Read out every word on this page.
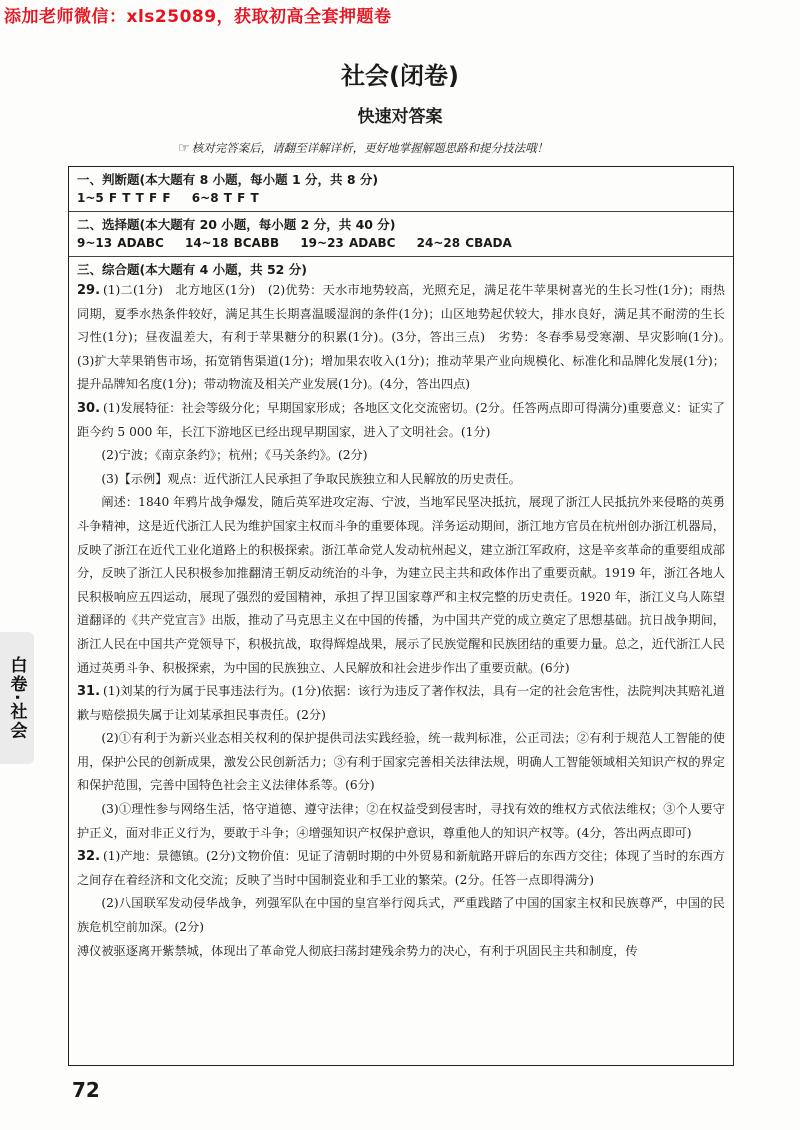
添加老师微信：xls25089，获取初高全套押题卷
社会(闭卷)
快速对答案
☞ 核对完答案后，请翻至详解详析，更好地掌握解题思路和提分技法哦！
一、判断题(本大题有 8 小题，每小题 1 分，共 8 分)
1~5 F T T F F 6~8 T F T
二、选择题(本大题有 20 小题，每小题 2 分，共 40 分)
9~13 ADABC 14~18 BCABB 19~23 ADABC 24~28 CBADA
三、综合题(本大题有 4 小题，共 52 分)

29. (1)二(1分)　北方地区(1分)　(2)优势：天水市地势较高，光照充足，满足花牛苹果树喜光的生长习性(1分)；雨热同期，夏季水热条件较好，满足其生长期喜温暖湿润的条件(1分)；山区地势起伏较大，排水良好，满足其不耐涝的生长习性(1分)；昼夜温差大，有利于苹果糖分的积累(1分)。(3分，答出三点)　劣势：冬春季易受寒潮、旱灾影响(1分)。　(3)扩大苹果销售市场，拓宽销售渠道(1分)；增加果农收入(1分)；推动苹果产业向规模化、标准化和品牌化发展(1分)；提升品牌知名度(1分)；带动物流及相关产业发展(1分)。(4分，答出四点)

30. (1)发展特征：社会等级分化；早期国家形成；各地区文化交流密切。(2分。任答两点即可得满分)重要意义：证实了距今约 5 000 年，长江下游地区已经出现早期国家，进入了文明社会。(1分)

(2)宁波；《南京条约》；杭州；《马关条约》。(2分)

(3)【示例】观点：近代浙江人民承担了争取民族独立和人民解放的历史责任。

阐述：1840 年鸦片战争爆发，随后英军进攻定海、宁波，当地军民坚决抵抗，展现了浙江人民抵抗外来侵略的英勇斗争精神，这是近代浙江人民为维护国家主权而斗争的重要体现。洋务运动期间，浙江地方官员在杭州创办浙江机器局，反映了浙江在近代工业化道路上的积极探索。浙江革命党人发动杭州起义，建立浙江军政府，这是辛亥革命的重要组成部分，反映了浙江人民积极参加推翻清王朝反动统治的斗争，为建立民主共和政体作出了重要贡献。1919 年，浙江各地人民积极响应五四运动，展现了强烈的爱国精神，承担了捍卫国家尊严和主权完整的历史责任。1920 年，浙江义乌人陈望道翻译的《共产党宣言》出版，推动了马克思主义在中国的传播，为中国共产党的成立奠定了思想基础。抗日战争期间，浙江人民在中国共产党领导下，积极抗战，取得辉煌战果，展示了民族觉醒和民族团结的重要力量。总之，近代浙江人民通过英勇斗争、积极探索，为中国的民族独立、人民解放和社会进步作出了重要贡献。(6分)

31. (1)刘某的行为属于民事违法行为。(1分)依据：该行为违反了著作权法，具有一定的社会危害性，法院判决其赔礼道歉与赔偿损失属于让刘某承担民事责任。(2分)

(2)①有利于为新兴业态相关权利的保护提供司法实践经验，统一裁判标准，公正司法；②有利于规范人工智能的使用，保护公民的创新成果，激发公民创新活力；③有利于国家完善相关法律法规，明确人工智能领域相关知识产权的界定和保护范围，完善中国特色社会主义法律体系等。(6分)

(3)①理性参与网络生活，恪守道德、遵守法律；②在权益受到侵害时，寻找有效的维权方式依法维权；③个人要守护正义，面对非正义行为，要敢于斗争；④增强知识产权保护意识，尊重他人的知识产权等。(4分，答出两点即可)

32. (1)产地：景德镇。(2分)文物价值：见证了清朝时期的中外贸易和新航路开辟后的东西方交往；体现了当时的东西方之间存在着经济和文化交流；反映了当时中国制瓷业和手工业的繁荣。(2分。任答一点即得满分)

(2)八国联军发动侵华战争，列强军队在中国的皇宫举行阅兵式，严重践踏了中国的国家主权和民族尊严，中国的民族危机空前加深。(2分)

溥仪被驱逐离开紫禁城，体现出了革命党人彻底扫荡封建残余势力的决心，有利于巩固民主共和制度，传

白卷·社会
72
